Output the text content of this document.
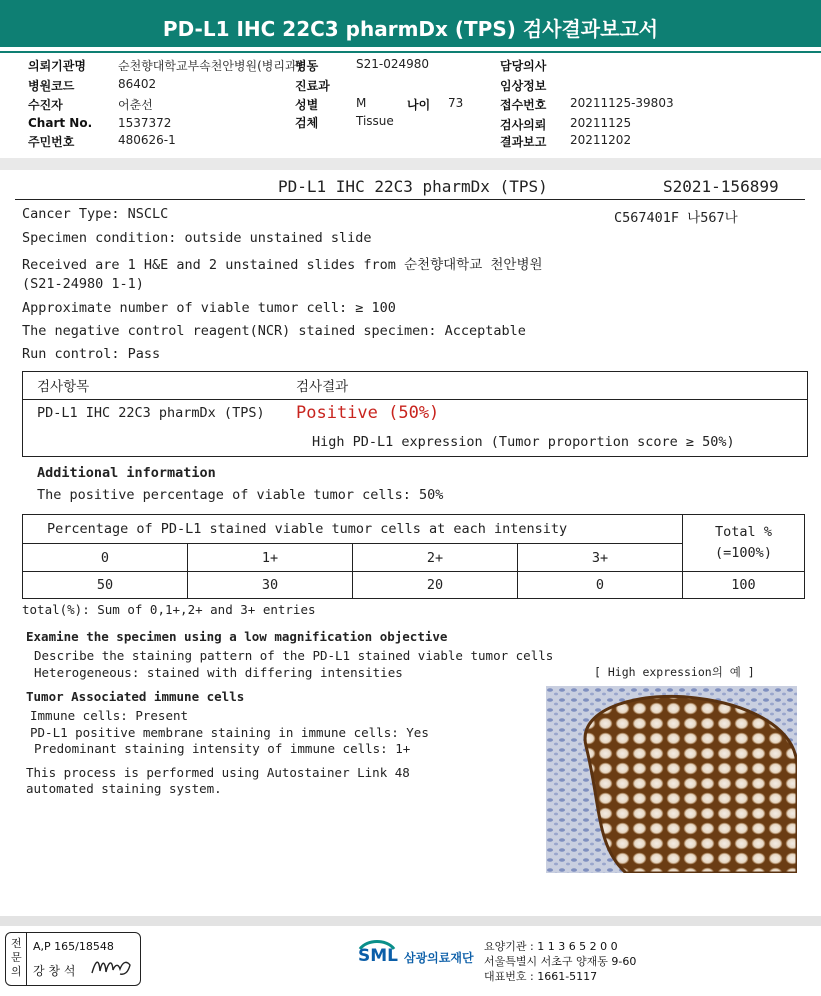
PD-L1 IHC 22C3 pharmDx (TPS) 검사결과보고서
의뢰기관명	순천향대학교부속천안병원(병리과)
병원코드	86402
수진자	어춘선
Chart No. 1537372
주민번호	480626-1
병동	S21-024980
진료과
성별	M	나이 73
검체	Tissue
담당의사
임상정보
접수번호 20211125-39803
검사의뢰 20211125
결과보고 20211202
PD-L1 IHC 22C3 pharmDx (TPS)	S2021-156899
Cancer Type: NSCLC	C567401F 나567나
Specimen condition: outside unstained slide
Received are 1 H&E and 2 unstained slides from 순천향대학교 천안병원
(S21-24980 1-1)
Approximate number of viable tumor cell: ≥ 100
The negative control reagent(NCR) stained specimen: Acceptable
Run control: Pass
검사항목	검사결과
PD-L1 IHC 22C3 pharmDx (TPS) Positive (50%)
High PD-L1 expression (Tumor proportion score ≥ 50%)
Additional information
The positive percentage of viable tumor cells: 50%
Percentage of PD-L1 stained viable tumor cells at each intensity				Total %
(=100%)

0	1+	2+	3+	
50	30	20	0	100
total(%): Sum of 0,1+,2+ and 3+ entries
Examine the specimen using a low magnification objective
Describe the staining pattern of the PD-L1 stained viable tumor cells
Heterogeneous: stained with differing intensities	[ High expression의 예 ]
Tumor Associated immune cells
Immune cells: Present
PD-L1 positive membrane staining in immune cells: Yes
Predominant staining intensity of immune cells: 1+
This process is performed using Autostainer Link 48
automated staining system.
전
문
의
A,P 165/18548
강 창 석
SML 삼광의료재단
요양기관 : 1 1 3 6 5 2 0 0
서울특별시 서초구 양재동 9-60
대표번호 : 1661-5117
